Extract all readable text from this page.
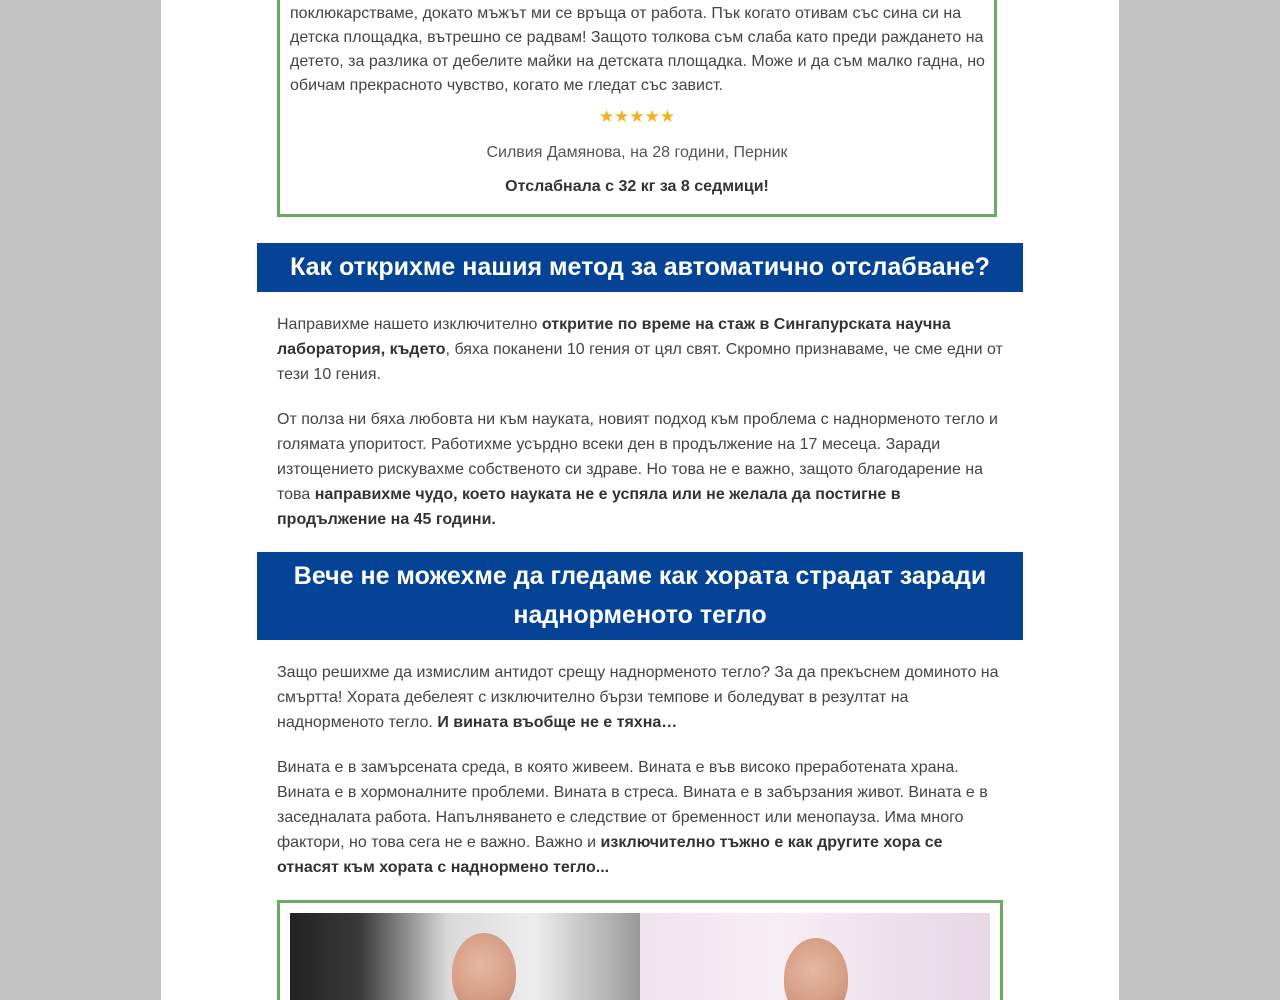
поклюкарстваме, докато мъжът ми се връща от работа. Пък когато отивам със сина си на детска площадка, вътрешно се радвам! Защото толкова съм слаба като преди раждането на детето, за разлика от дебелите майки на детската площадка. Може и да съм малко гадна, но обичам прекрасното чувство, когато ме гледат със завист.

★★★★★
Силвия Дамянова, на 28 години, Перник
Отслабнала с 32 кг за 8 седмици!
Как открихме нашия метод за автоматично отслабване?

Направихме нашето изключително откритие по време на стаж в Сингапурската научна лаборатория, където, бяха поканени 10 гения от цял свят. Скромно признаваме, че сме едни от тези 10 гения.

От полза ни бяха любовта ни към науката, новият подход към проблема с наднорменото тегло и голямата упоритост. Работихме усърдно всеки ден в продължение на 17 месеца. Заради изтощението рискувахме собственото си здраве. Но това не е важно, защото благодарение на това направихме чудо, което науката не е успяла или не желала да постигне в продължение на 45 години.

Вече не можехме да гледаме как хората страдат заради наднорменото тегло

Защо решихме да измислим антидот срещу наднорменото тегло? За да прекъснем доминото на смъртта! Хората дебелеят с изключително бързи темпове и боледуват в резултат на наднорменото тегло. И вината въобще не е тяхна…

Вината е в замърсената среда, в която живеем. Вината е във високо преработената храна. Вината е в хормоналните проблеми. Вината в стреса. Вината е в забързания живот. Вината е в заседналата работа. Напълняването е следствие от бременност или менопауза. Има много фактори, но това сега не е важно. Важно и изключително тъжно е как другите хора се отнасят към хората с наднормено тегло...
